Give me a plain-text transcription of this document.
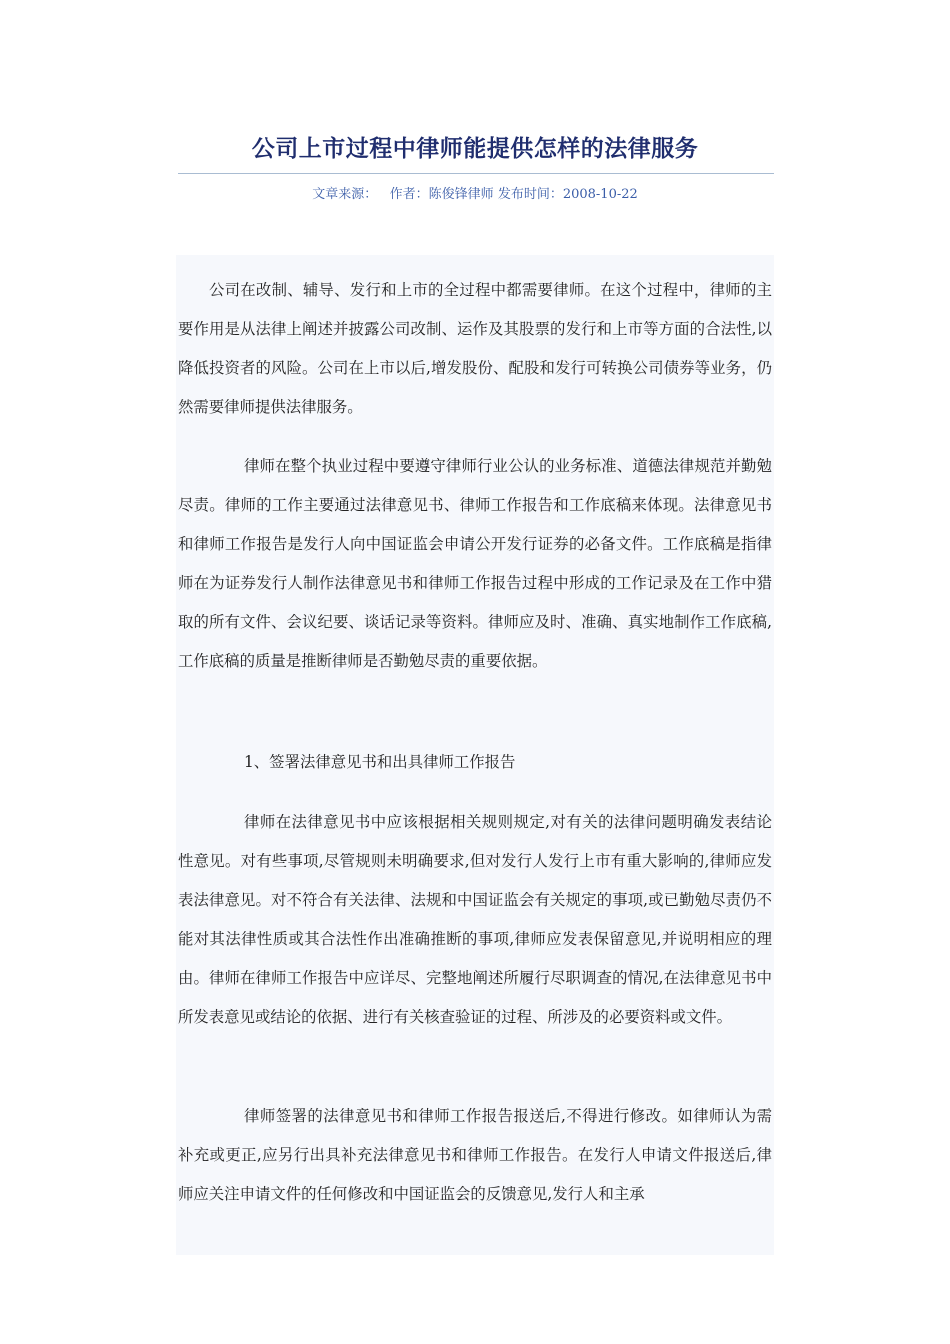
公司上市过程中律师能提供怎样的法律服务
文章来源： 作者：陈俊锋律师 发布时间：2008-10-22

公司在改制、辅导、发行和上市的全过程中都需要律师。在这个过程中，律师的主要作用是从法律上阐述并披露公司改制、运作及其股票的发行和上市等方面的合法性,以降低投资者的风险。公司在上市以后,增发股份、配股和发行可转换公司债券等业务，仍然需要律师提供法律服务。

律师在整个执业过程中要遵守律师行业公认的业务标准、道德法律规范并勤勉尽责。律师的工作主要通过法律意见书、律师工作报告和工作底稿来体现。法律意见书和律师工作报告是发行人向中国证监会申请公开发行证券的必备文件。工作底稿是指律师在为证券发行人制作法律意见书和律师工作报告过程中形成的工作记录及在工作中猎取的所有文件、会议纪要、谈话记录等资料。律师应及时、准确、真实地制作工作底稿,工作底稿的质量是推断律师是否勤勉尽责的重要依据。

1、签署法律意见书和出具律师工作报告

律师在法律意见书中应该根据相关规则规定,对有关的法律问题明确发表结论性意见。对有些事项,尽管规则未明确要求,但对发行人发行上市有重大影响的,律师应发表法律意见。对不符合有关法律、法规和中国证监会有关规定的事项,或已勤勉尽责仍不能对其法律性质或其合法性作出准确推断的事项,律师应发表保留意见,并说明相应的理由。律师在律师工作报告中应详尽、完整地阐述所履行尽职调查的情况,在法律意见书中所发表意见或结论的依据、进行有关核查验证的过程、所涉及的必要资料或文件。

律师签署的法律意见书和律师工作报告报送后,不得进行修改。如律师认为需补充或更正,应另行出具补充法律意见书和律师工作报告。在发行人申请文件报送后,律师应关注申请文件的任何修改和中国证监会的反馈意见,发行人和主承
